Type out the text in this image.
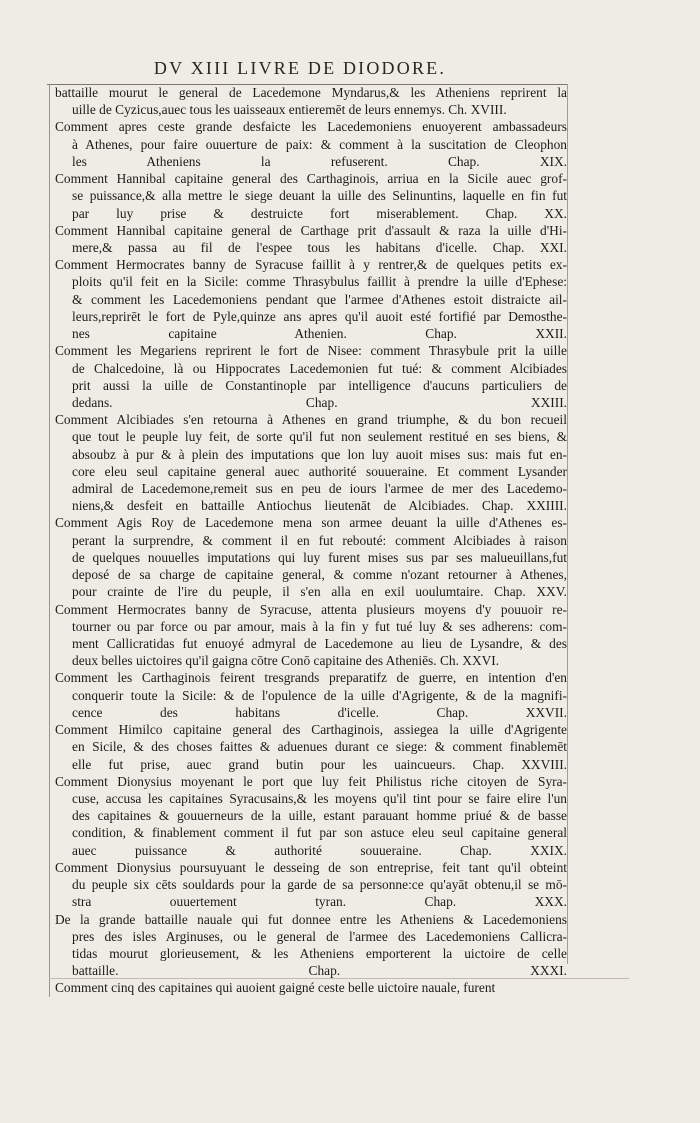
DV XIII LIVRE DE DIODORE.
battaille mourut le general de Lacedemone Myndarus,& les Atheniens reprirent la
uille de Cyzicus,auec tous les uaisseaux entieremēt de leurs ennemys. Ch. XVIII.
Comment apres ceste grande desfaicte les Lacedemoniens enuoyerent ambassadeurs
à Athenes, pour faire ouuerture de paix: & comment à la suscitation de Cleophon
les Atheniens la refuserent. Chap. XIX.
Comment Hannibal capitaine general des Carthaginois, arriua en la Sicile auec grof-
se puissance,& alla mettre le siege deuant la uille des Selinuntins, laquelle en fin fut
par luy prise & destruicte fort miserablement. Chap. XX.
Comment Hannibal capitaine general de Carthage prit d'assault & raza la uille d'Hi-
mere,& passa au fil de l'espee tous les habitans d'icelle. Chap. XXI.
Comment Hermocrates banny de Syracuse faillit à y rentrer,& de quelques petits ex-
ploits qu'il feit en la Sicile: comme Thrasybulus faillit à prendre la uille d'Ephese:
& comment les Lacedemoniens pendant que l'armee d'Athenes estoit distraicte ail-
leurs,reprirēt le fort de Pyle,quinze ans apres qu'il auoit esté fortifié par Demosthe-
nes capitaine Athenien. Chap. XXII.
Comment les Megariens reprirent le fort de Nisee: comment Thrasybule prit la uille
de Chalcedoine, là ou Hippocrates Lacedemonien fut tué: & comment Alcibiades
prit aussi la uille de Constantinople par intelligence d'aucuns particuliers de
dedans. Chap. XXIII.
Comment Alcibiades s'en retourna à Athenes en grand triumphe, & du bon recueil
que tout le peuple luy feit, de sorte qu'il fut non seulement restitué en ses biens, &
absoubz à pur & à plein des imputations que lon luy auoit mises sus: mais fut en-
core eleu seul capitaine general auec authorité souueraine. Et comment Lysander
admiral de Lacedemone,remeit sus en peu de iours l'armee de mer des Lacedemo-
niens,& desfeit en battaille Antiochus lieutenāt de Alcibiades. Chap. XXIIII.
Comment Agis Roy de Lacedemone mena son armee deuant la uille d'Athenes es-
perant la surprendre, & comment il en fut rebouté: comment Alcibiades à raison
de quelques nouuelles imputations qui luy furent mises sus par ses malueuillans,fut
deposé de sa charge de capitaine general, & comme n'ozant retourner à Athenes,
pour crainte de l'ire du peuple, il s'en alla en exil uoulumtaire. Chap. XXV.
Comment Hermocrates banny de Syracuse, attenta plusieurs moyens d'y pouuoir re-
tourner ou par force ou par amour, mais à la fin y fut tué luy & ses adherens: com-
ment Callicratidas fut enuoyé admyral de Lacedemone au lieu de Lysandre, & des
deux belles uictoires qu'il gaigna cōtre Conō capitaine des Atheniēs. Ch. XXVI.
Comment les Carthaginois feirent tresgrands preparatifz de guerre, en intention d'en
conquerir toute la Sicile: & de l'opulence de la uille d'Agrigente, & de la magnifi-
cence des habitans d'icelle. Chap. XXVII.
Comment Himilco capitaine general des Carthaginois, assiegea la uille d'Agrigente
en Sicile, & des choses faittes & aduenues durant ce siege: & comment finablemēt
elle fut prise, auec grand butin pour les uaincueurs. Chap. XXVIII.
Comment Dionysius moyenant le port que luy feit Philistus riche citoyen de Syra-
cuse, accusa les capitaines Syracusains,& les moyens qu'il tint pour se faire elire l'un
des capitaines & gouuerneurs de la uille, estant parauant homme priué & de basse
condition, & finablement comment il fut par son astuce eleu seul capitaine general
auec puissance & authorité souueraine. Chap. XXIX.
Comment Dionysius poursuyuant le desseing de son entreprise, feit tant qu'il obteint
du peuple six cēts souldards pour la garde de sa personne:ce qu'ayāt obtenu,il se mō-
stra ouuertement tyran. Chap. XXX.
De la grande battaille nauale qui fut donnee entre les Atheniens & Lacedemoniens
pres des isles Arginuses, ou le general de l'armee des Lacedemoniens Callicra-
tidas mourut glorieusement, & les Atheniens emporterent la uictoire de celle
battaille. Chap. XXXI.
Comment cinq des capitaines qui auoient gaigné ceste belle uictoire nauale, furent
